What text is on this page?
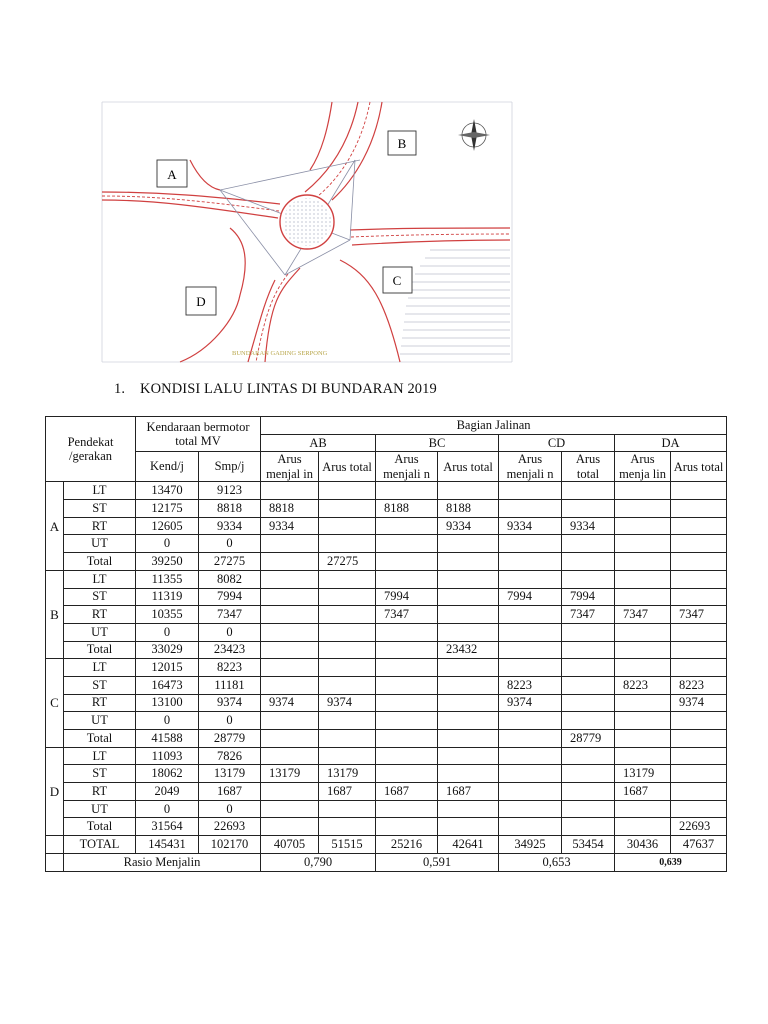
A
B
C
D
BUNDARAN GADING SERPONG
1. KONDISI LALU LINTAS DI BUNDARAN 2019
Pendekat /gerakan		Kendaraan bermotor total MV		Bagian Jalinan							
				AB		BC		CD		DA	
				Arus menjal in	Arus total	Arus menjali n	Arus total	Arus menjali n	Arus total	Arus menja lin	Arus total
		Kend/j	Smp/j								
A	LT	13470	9123								
	ST	12175	8818	8818		8188	8188				
	RT	12605	9334	9334			9334	9334	9334		
	UT	0	0								
	Total	39250	27275		27275						
B	LT	11355	8082								
	ST	11319	7994			7994		7994	7994		
	RT	10355	7347			7347			7347	7347	7347
	UT	0	0								
	Total	33029	23423				23432				
C	LT	12015	8223								
	ST	16473	11181					8223		8223	8223
	RT	13100	9374	9374	9374			9374			9374
	UT	0	0								
	Total	41588	28779						28779		
D	LT	11093	7826								
	ST	18062	13179	13179	13179					13179	
	RT	2049	1687		1687	1687	1687			1687	
	UT	0	0								
	Total	31564	22693								22693
	TOTAL	145431	102170	40705	51515	25216	42641	34925	53454	30436	47637
	Rasio Menjalin			0,790		0,591		0,653		0,639	
